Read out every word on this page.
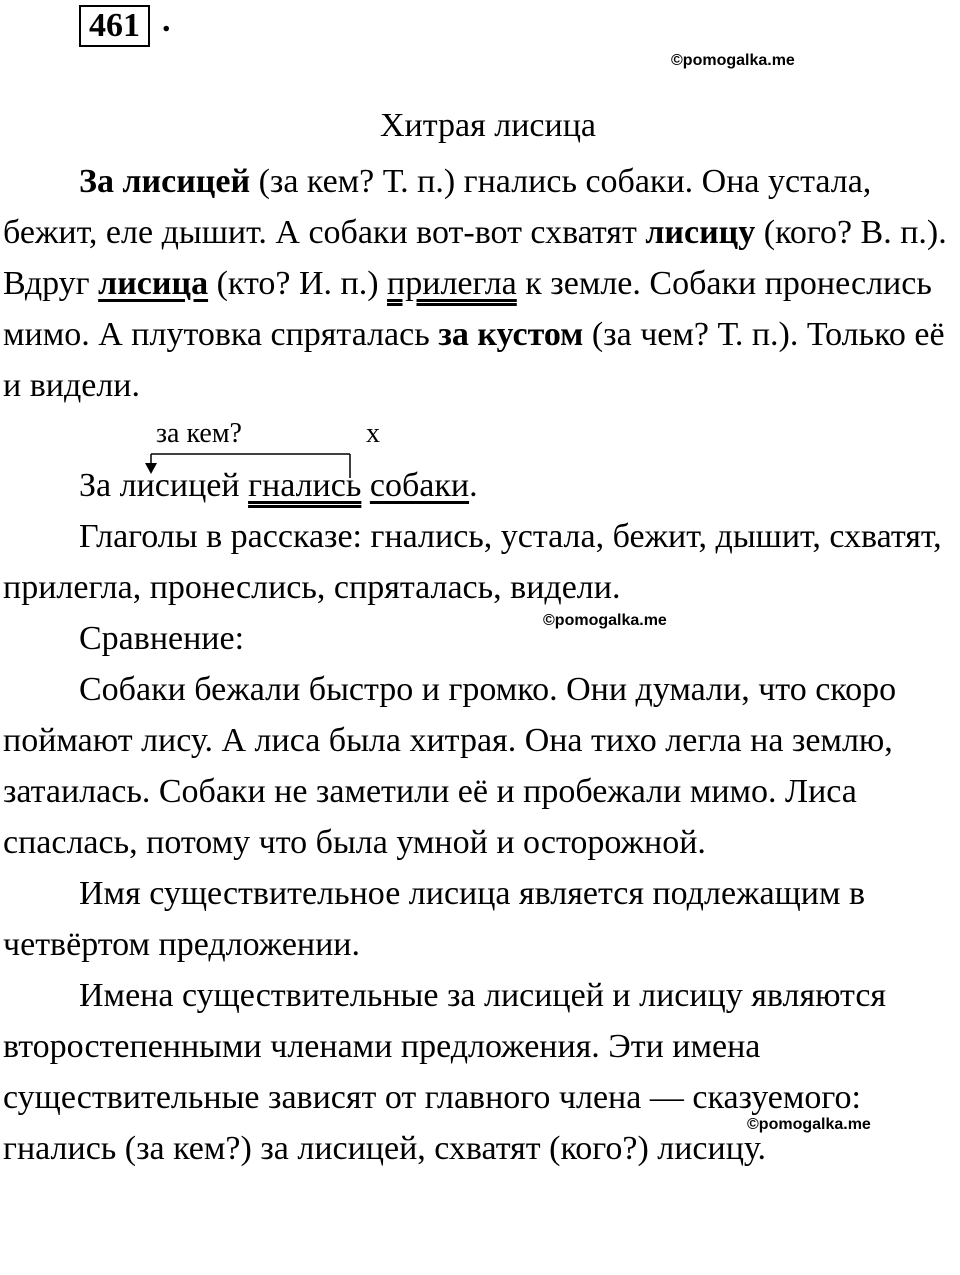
461 .
©pomogalka.me
©pomogalka.me
©pomogalka.me
Хитрая лисица

За лисицей (за кем? Т. п.) гнались собаки. Она устала, бежит, еле дышит. А собаки вот-вот схватят лисицу (кого? В. п.). Вдруг лисица (кто? И. п.) прилегла к земле. Собаки пронеслись мимо. А плутовка спряталась за кустом (за чем? Т. п.). Только её и видели.

за кем?	x
За лисицей гнались собаки.

Глаголы в рассказе: гнались, устала, бежит, дышит, схватят, прилегла, пронеслись, спряталась, видели.

Сравнение:

Собаки бежали быстро и громко. Они думали, что скоро поймают лису. А лиса была хитрая. Она тихо легла на землю, затаилась. Собаки не заметили её и пробежали мимо. Лиса спаслась, потому что была умной и осторожной.

Имя существительное лисица является подлежащим в четвёртом предложении.

Имена существительные за лисицей и лисицу являются второстепенными членами предложения. Эти имена существительные зависят от главного члена — сказуемого: гнались (за кем?) за лисицей, схватят (кого?) лисицу.
